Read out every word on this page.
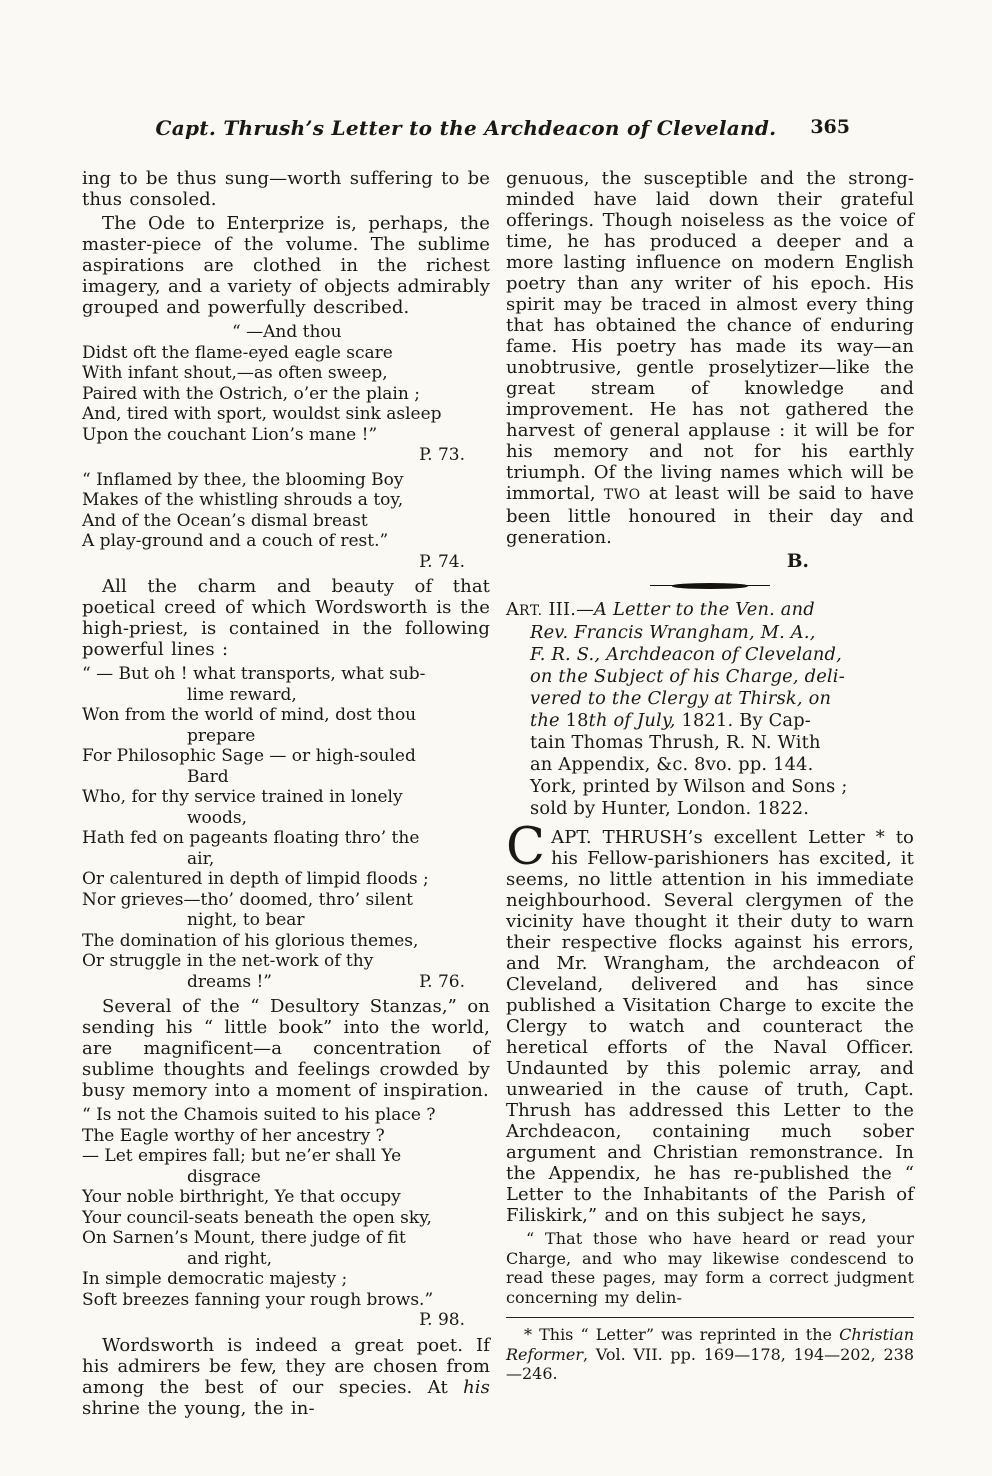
Capt. Thrush’s Letter to the Archdeacon of Cleveland.	365

ing to be thus sung—worth suffering to be thus consoled.

The Ode to Enterprize is, perhaps, the master-piece of the volume. The sublime aspirations are clothed in the richest imagery, and a variety of objects admirably grouped and powerfully described.

“ —And thou
Didst oft the flame-eyed eagle scare
With infant shout,—as often sweep,
Paired with the Ostrich, o’er the plain ;
And, tired with sport, wouldst sink asleep
Upon the couchant Lion’s mane !”
P. 73.
“ Inflamed by thee, the blooming Boy
Makes of the whistling shrouds a toy,
And of the Ocean’s dismal breast
A play-ground and a couch of rest.”
P. 74.

All the charm and beauty of that poetical creed of which Wordsworth is the high-priest, is contained in the following powerful lines :

“ — But oh ! what transports, what sub-
lime reward,
Won from the world of mind, dost thou
prepare
For Philosophic Sage — or high-souled
Bard
Who, for thy service trained in lonely
woods,
Hath fed on pageants floating thro’ the
air,
Or calentured in depth of limpid floods ;
Nor grieves—tho’ doomed, thro’ silent
night, to bear
The domination of his glorious themes,
Or struggle in the net-work of thy
dreams !”	P. 76.

Several of the “ Desultory Stanzas,” on sending his “ little book” into the world, are magnificent—a concentration of sublime thoughts and feelings crowded by busy memory into a moment of inspiration.

“ Is not the Chamois suited to his place ?
The Eagle worthy of her ancestry ?
— Let empires fall; but ne’er shall Ye
disgrace
Your noble birthright, Ye that occupy
Your council-seats beneath the open sky,
On Sarnen’s Mount, there judge of fit
and right,
In simple democratic majesty ;
Soft breezes fanning your rough brows.”
P. 98.

Wordsworth is indeed a great poet. If his admirers be few, they are chosen from among the best of our species. At his shrine the young, the in-

genuous, the susceptible and the strong-minded have laid down their grateful offerings. Though noiseless as the voice of time, he has produced a deeper and a more lasting influence on modern English poetry than any writer of his epoch. His spirit may be traced in almost every thing that has obtained the chance of enduring fame. His poetry has made its way—an unobtrusive, gentle proselytizer—like the great stream of knowledge and improvement. He has not gathered the harvest of general applause : it will be for his memory and not for his earthly triumph. Of the living names which will be immortal, TWO at least will be said to have been little honoured in their day and generation.

B.

ART. III.—A Letter to the Ven. and
Rev. Francis Wrangham, M. A.,
F. R. S., Archdeacon of Cleveland,
on the Subject of his Charge, deli-
vered to the Clergy at Thirsk, on
the 18th of July, 1821. By Cap-
tain Thomas Thrush, R. N. With
an Appendix, &c. 8vo. pp. 144.
York, printed by Wilson and Sons ;
sold by Hunter, London. 1822.

CAPT. THRUSH’s excellent Letter * to his Fellow-parishioners has excited, it seems, no little attention in his immediate neighbourhood. Several clergymen of the vicinity have thought it their duty to warn their respective flocks against his errors, and Mr. Wrangham, the archdeacon of Cleveland, delivered and has since published a Visitation Charge to excite the Clergy to watch and counteract the heretical efforts of the Naval Officer. Undaunted by this polemic array, and unwearied in the cause of truth, Capt. Thrush has addressed this Letter to the Archdeacon, containing much sober argument and Christian remonstrance. In the Appendix, he has re-published the “ Letter to the Inhabitants of the Parish of Filiskirk,” and on this subject he says,

“ That those who have heard or read your Charge, and who may likewise condescend to read these pages, may form a correct judgment concerning my delin-

* This “ Letter” was reprinted in the Christian Reformer, Vol. VII. pp. 169—178, 194—202, 238—246.
